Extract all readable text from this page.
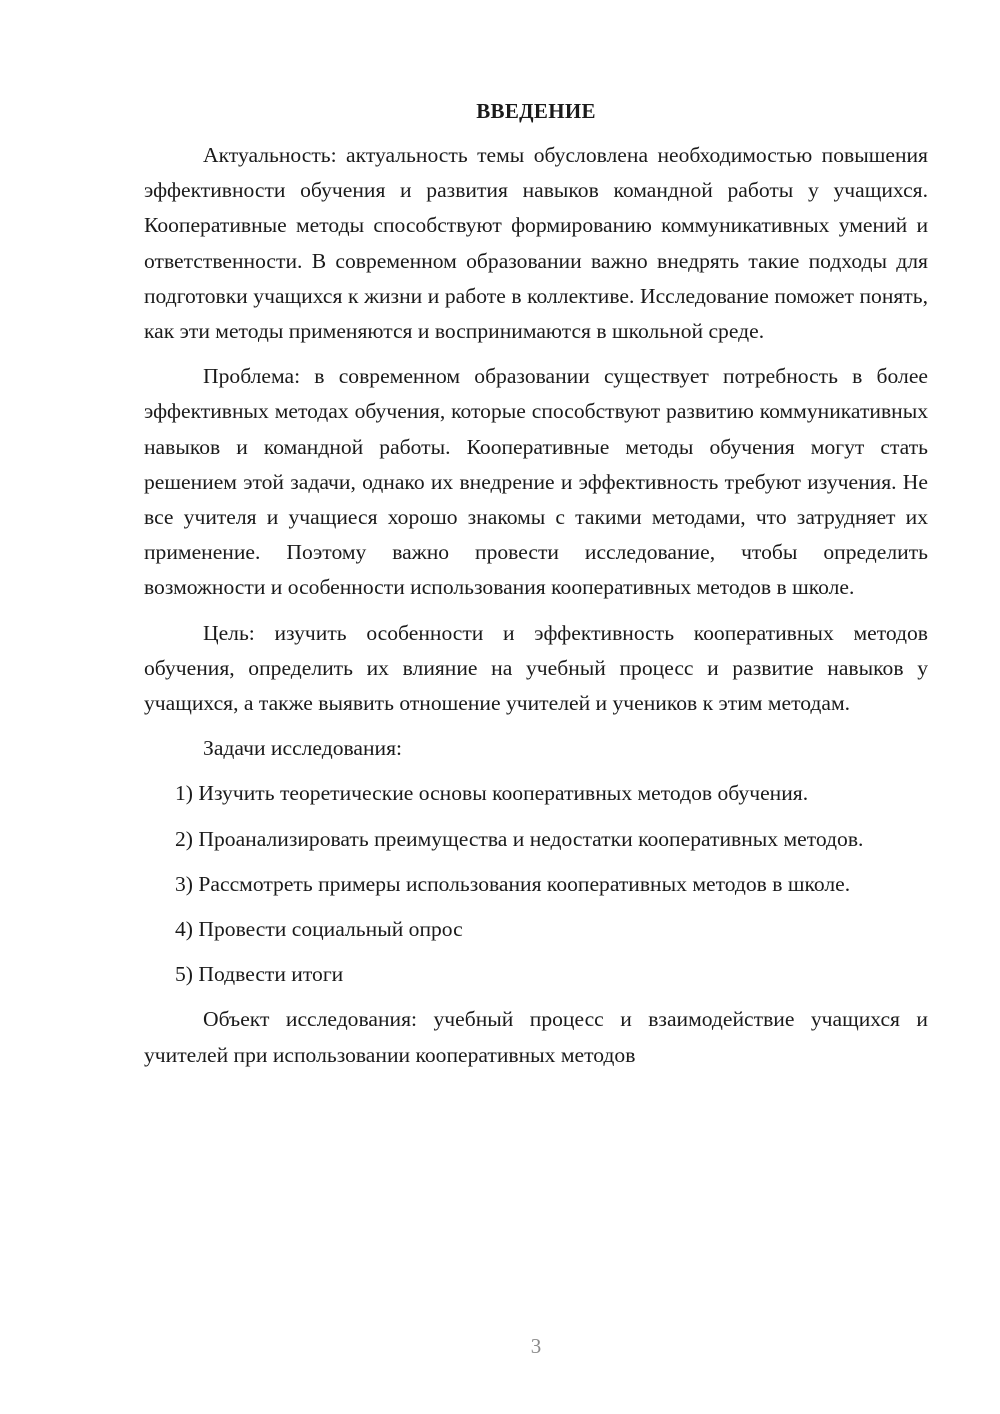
ВВЕДЕНИЕ

Актуальность: актуальность темы обусловлена необходимостью повышения эффективности обучения и развития навыков командной работы у учащихся. Кооперативные методы способствуют формированию коммуникативных умений и ответственности. В современном образовании важно внедрять такие подходы для подготовки учащихся к жизни и работе в коллективе. Исследование поможет понять, как эти методы применяются и воспринимаются в школьной среде.

Проблема: в современном образовании существует потребность в более эффективных методах обучения, которые способствуют развитию коммуникативных навыков и командной работы. Кооперативные методы обучения могут стать решением этой задачи, однако их внедрение и эффективность требуют изучения. Не все учителя и учащиеся хорошо знакомы с такими методами, что затрудняет их применение. Поэтому важно провести исследование, чтобы определить возможности и особенности использования кооперативных методов в школе.

Цель: изучить особенности и эффективность кооперативных методов обучения, определить их влияние на учебный процесс и развитие навыков у учащихся, а также выявить отношение учителей и учеников к этим методам.

Задачи исследования:

1) Изучить теоретические основы кооперативных методов обучения.

2) Проанализировать преимущества и недостатки кооперативных методов.

3) Рассмотреть примеры использования кооперативных методов в школе.

4) Провести социальный опрос

5) Подвести итоги

Объект исследования: учебный процесс и взаимодействие учащихся и учителей при использовании кооперативных методов

3
